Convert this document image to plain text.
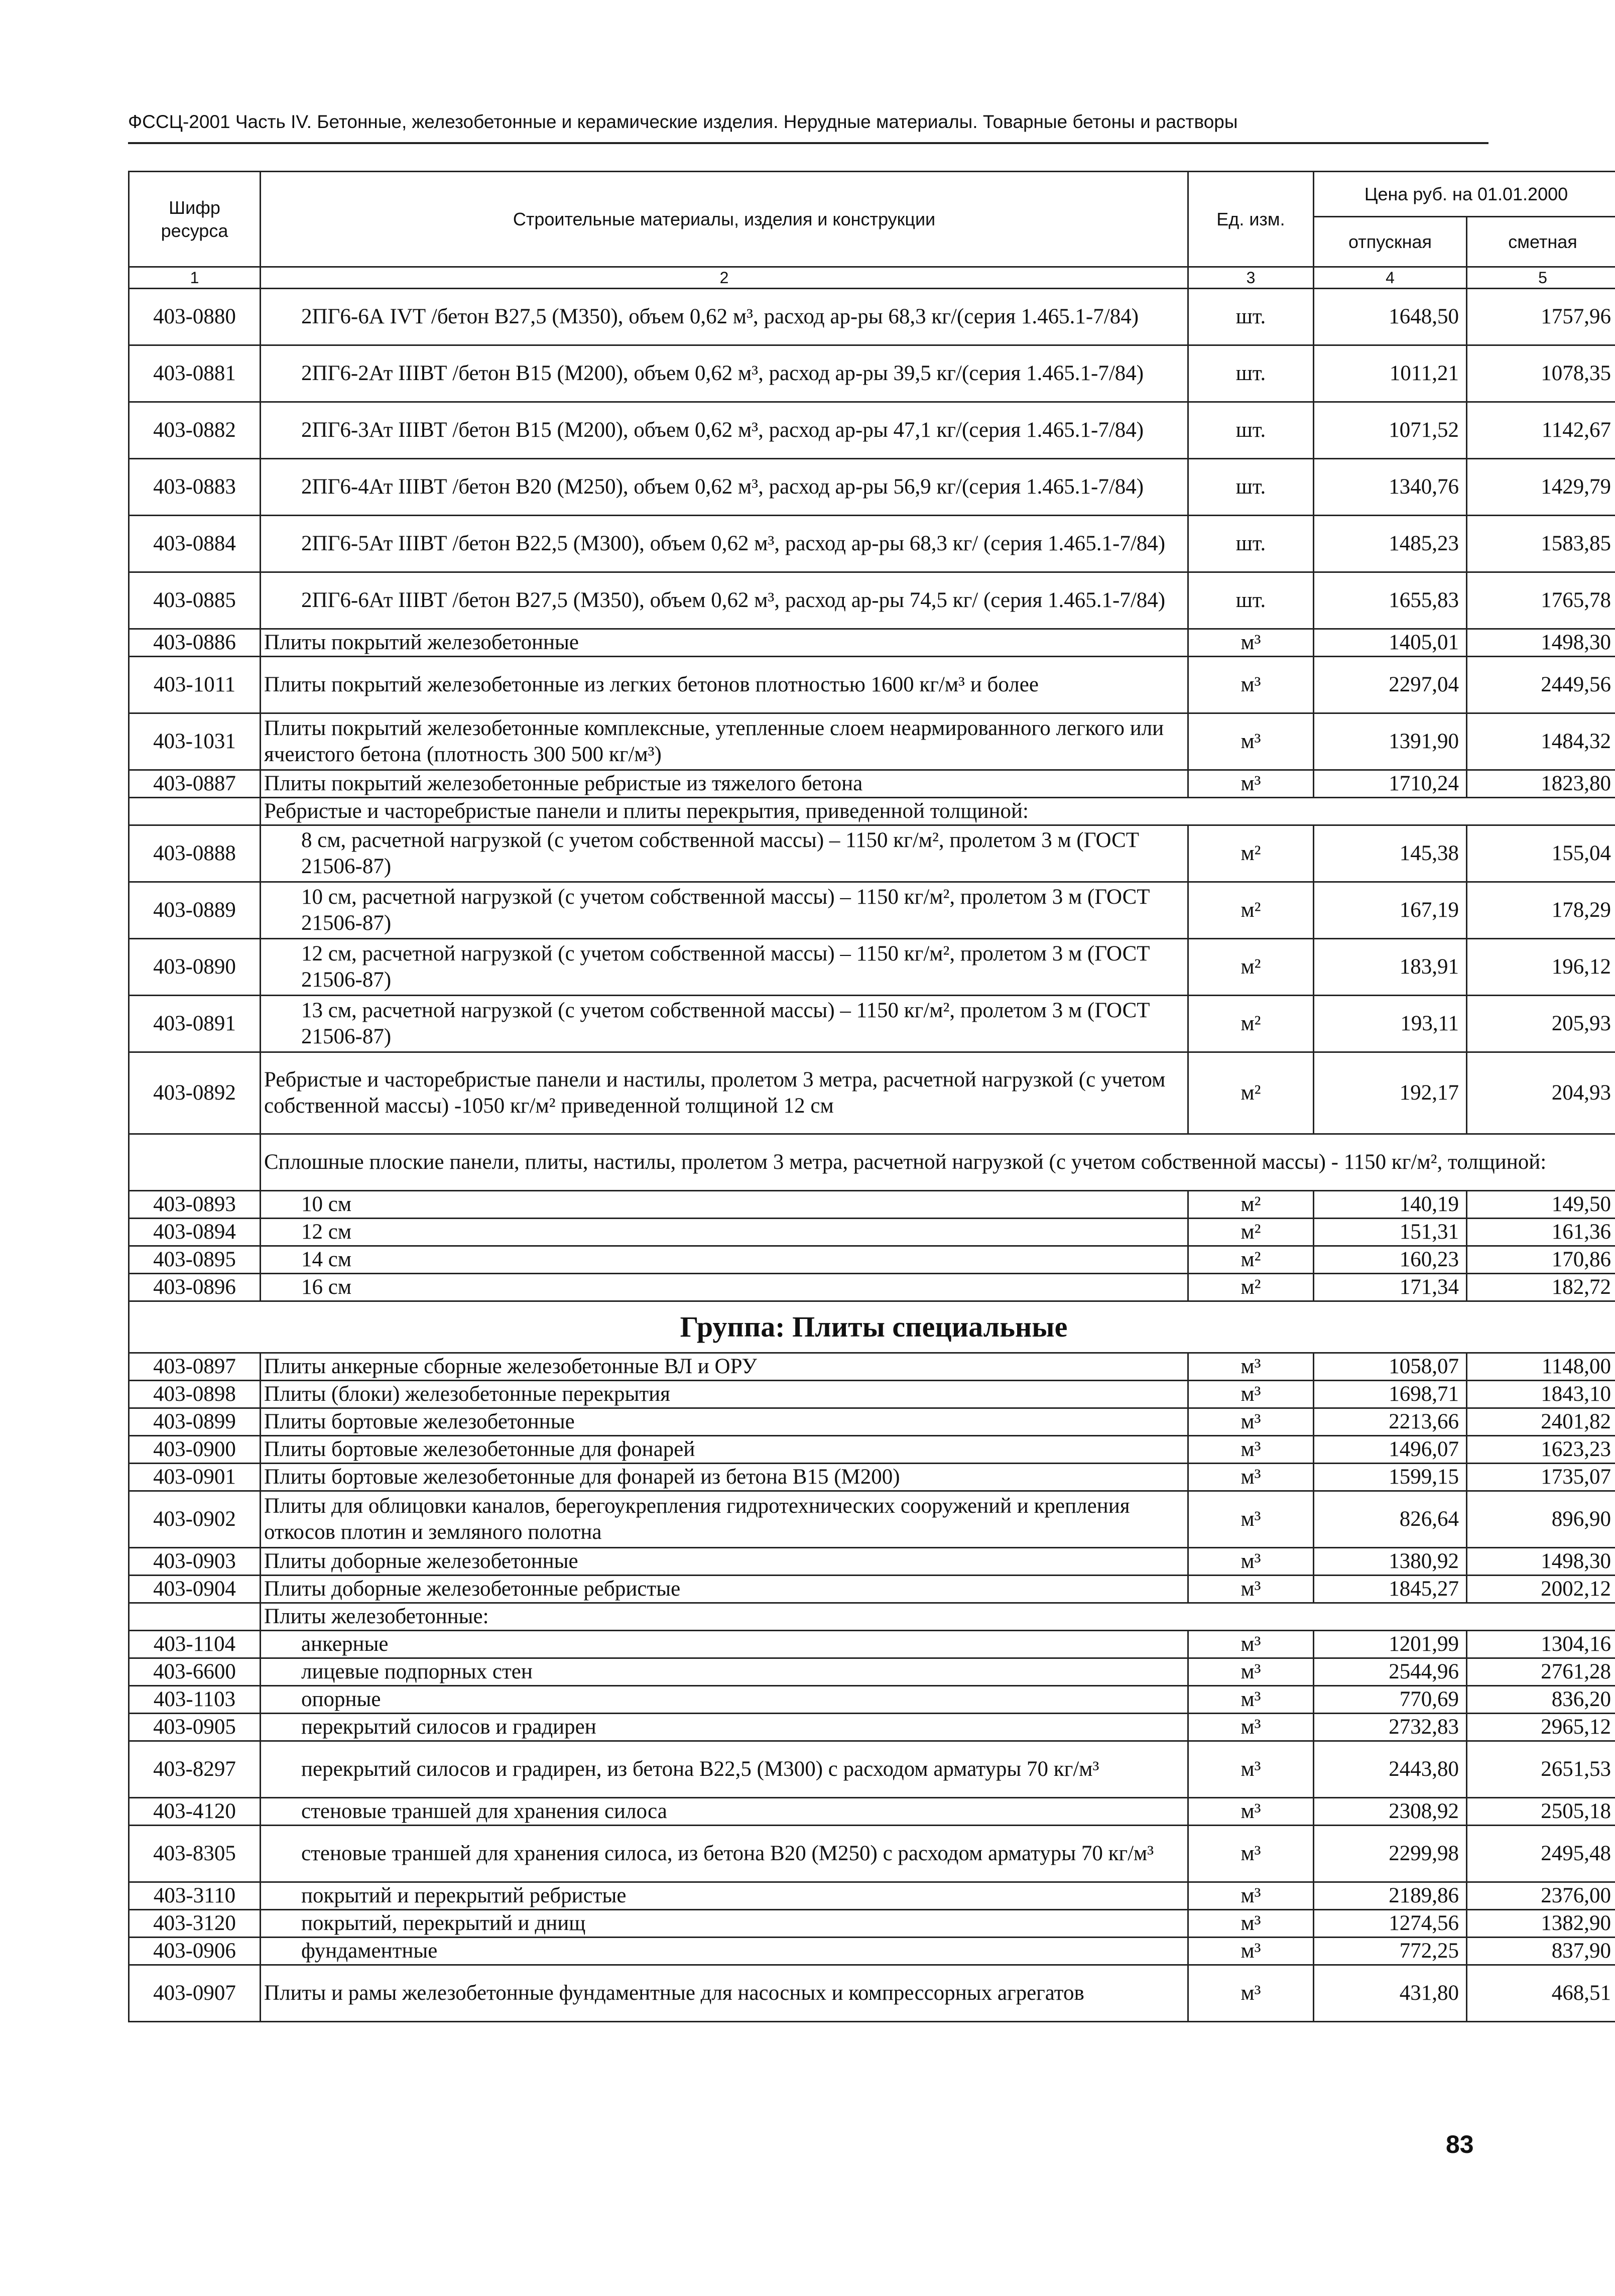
ФССЦ-2001 Часть IV. Бетонные, железобетонные и керамические изделия. Нерудные материалы. Товарные бетоны и растворы
Шифр ресурса	Строительные материалы, изделия и конструкции	Ед. изм.	Цена руб. на 01.01.2000	
			отпускная	сметная
1	2	3	4	5
403-0880	2ПГ6-6А IVТ /бетон В27,5 (М350), объем 0,62 м³, расход ар-ры 68,3 кг/(серия 1.465.1-7/84)	шт.	1648,50	1757,96
403-0881	2ПГ6-2Ат IIIВТ /бетон В15 (М200), объем 0,62 м³, расход ар-ры 39,5 кг/(серия 1.465.1-7/84)	шт.	1011,21	1078,35
403-0882	2ПГ6-3Ат IIIВТ /бетон В15 (М200), объем 0,62 м³, расход ар-ры 47,1 кг/(серия 1.465.1-7/84)	шт.	1071,52	1142,67
403-0883	2ПГ6-4Ат IIIВТ /бетон В20 (М250), объем 0,62 м³, расход ар-ры 56,9 кг/(серия 1.465.1-7/84)	шт.	1340,76	1429,79
403-0884	2ПГ6-5Ат IIIВТ /бетон В22,5 (М300), объем 0,62 м³, расход ар-ры 68,3 кг/ (серия 1.465.1-7/84)	шт.	1485,23	1583,85
403-0885	2ПГ6-6Ат IIIВТ /бетон В27,5 (М350), объем 0,62 м³, расход ар-ры 74,5 кг/ (серия 1.465.1-7/84)	шт.	1655,83	1765,78
403-0886	Плиты покрытий железобетонные	м³	1405,01	1498,30
403-1011	Плиты покрытий железобетонные из легких бетонов плотностью 1600 кг/м³ и более	м³	2297,04	2449,56
403-1031	Плиты покрытий железобетонные комплексные, утепленные слоем неармированного легкого или ячеистого бетона (плотность 300 500 кг/м³)	м³	1391,90	1484,32
403-0887	Плиты покрытий железобетонные ребристые из тяжелого бетона	м³	1710,24	1823,80
	Ребристые и часторебристые панели и плиты перекрытия, приведенной толщиной:			
403-0888	8 см, расчетной нагрузкой (с учетом собственной массы) – 1150 кг/м², пролетом 3 м (ГОСТ 21506-87)	м²	145,38	155,04
403-0889	10 см, расчетной нагрузкой (с учетом собственной массы) – 1150 кг/м², пролетом 3 м (ГОСТ 21506-87)	м²	167,19	178,29
403-0890	12 см, расчетной нагрузкой (с учетом собственной массы) – 1150 кг/м², пролетом 3 м (ГОСТ 21506-87)	м²	183,91	196,12
403-0891	13 см, расчетной нагрузкой (с учетом собственной массы) – 1150 кг/м², пролетом 3 м (ГОСТ 21506-87)	м²	193,11	205,93
403-0892	Ребристые и часторебристые панели и настилы, пролетом 3 метра, расчетной нагрузкой (с учетом собственной массы) -1050 кг/м² приведенной толщиной 12 см	м²	192,17	204,93
	Сплошные плоские панели, плиты, настилы, пролетом 3 метра, расчетной нагрузкой (с учетом собственной массы) - 1150 кг/м², толщиной:			
403-0893	10 см	м²	140,19	149,50
403-0894	12 см	м²	151,31	161,36
403-0895	14 см	м²	160,23	170,86
403-0896	16 см	м²	171,34	182,72
Группа: Плиты специальные				
403-0897	Плиты анкерные сборные железобетонные ВЛ и ОРУ	м³	1058,07	1148,00
403-0898	Плиты (блоки) железобетонные перекрытия	м³	1698,71	1843,10
403-0899	Плиты бортовые железобетонные	м³	2213,66	2401,82
403-0900	Плиты бортовые железобетонные для фонарей	м³	1496,07	1623,23
403-0901	Плиты бортовые железобетонные для фонарей из бетона В15 (М200)	м³	1599,15	1735,07
403-0902	Плиты для облицовки каналов, берегоукрепления гидротехнических сооружений и крепления откосов плотин и земляного полотна	м³	826,64	896,90
403-0903	Плиты доборные железобетонные	м³	1380,92	1498,30
403-0904	Плиты доборные железобетонные ребристые	м³	1845,27	2002,12
	Плиты железобетонные:			
403-1104	анкерные	м³	1201,99	1304,16
403-6600	лицевые подпорных стен	м³	2544,96	2761,28
403-1103	опорные	м³	770,69	836,20
403-0905	перекрытий силосов и градирен	м³	2732,83	2965,12
403-8297	перекрытий силосов и градирен, из бетона В22,5 (М300) с расходом арматуры 70 кг/м³	м³	2443,80	2651,53
403-4120	стеновые траншей для хранения силоса	м³	2308,92	2505,18
403-8305	стеновые траншей для хранения силоса, из бетона В20 (М250) с расходом арматуры 70 кг/м³	м³	2299,98	2495,48
403-3110	покрытий и перекрытий ребристые	м³	2189,86	2376,00
403-3120	покрытий, перекрытий и днищ	м³	1274,56	1382,90
403-0906	фундаментные	м³	772,25	837,90
403-0907	Плиты и рамы железобетонные фундаментные для насосных и компрессорных агрегатов	м³	431,80	468,51
83
